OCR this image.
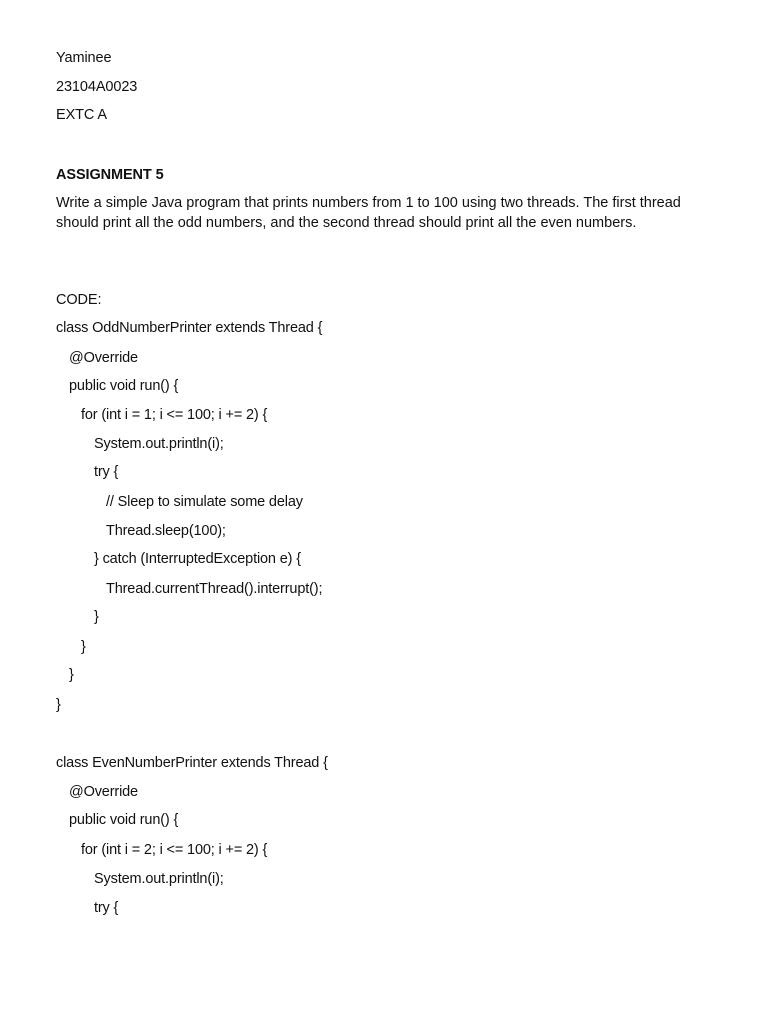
Yaminee
23104A0023
EXTC A
ASSIGNMENT 5
Write a simple Java program that prints numbers from 1 to 100 using two threads. The first thread should print all the odd numbers, and the second thread should print all the even numbers.
CODE:
class OddNumberPrinter extends Thread {
@Override
public void run() {
for (int i = 1; i <= 100; i += 2) {
System.out.println(i);
try {
// Sleep to simulate some delay
Thread.sleep(100);
} catch (InterruptedException e) {
Thread.currentThread().interrupt();
}
}
}
}
class EvenNumberPrinter extends Thread {
@Override
public void run() {
for (int i = 2; i <= 100; i += 2) {
System.out.println(i);
try {
